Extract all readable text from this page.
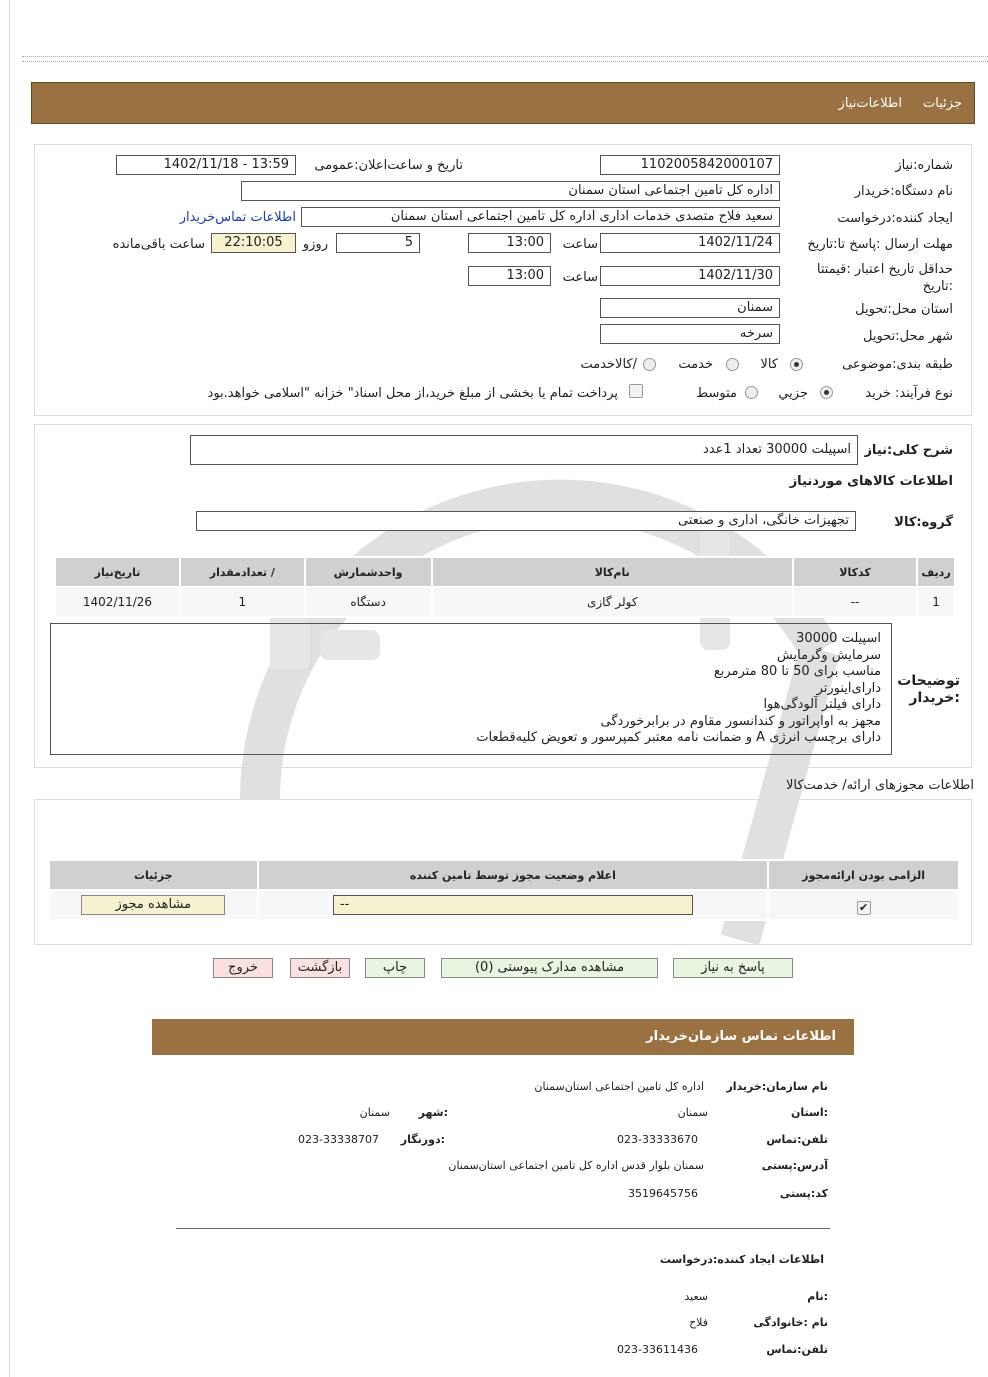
جزئیات
اطلاعات‌نیاز
شماره:نیاز
1102005842000107
تاریخ و ساعت‌اعلان:عمومی
1402/11/18 - 13:59
نام دستگاه:خریدار
اداره کل تامین اجتماعی استان سمنان
ایجاد کننده:درخواست
سعید فلاح متصدی خدمات اداری اداره کل تامین اجتماعی استان سمنان
اطلاعات تماس‌خریدار
مهلت ارسال :پاسخ تا:تاریخ
1402/11/24
ساعت
13:00
5
روزو
22:10:05
ساعت باقی‌مانده
حداقل تاریخ اعتبار :قیمتتا :تاریخ
1402/11/30
ساعت
13:00
استان محل:تحویل
سمنان
شهر محل:تحویل
سرخه
طبقه بندی:موضوعی
کالا
خدمت
/کالاخدمت
نوع فرآیند: خرید
جزیي
متوسط
پرداخت تمام یا بخشی از مبلغ خرید،از محل اسناد" خزانه "اسلامی خواهد.بود
شرح کلی:نیاز
اسپیلت 30000 تعداد 1عدد
اطلاعات کالاهای موردنیاز
گروه:کالا
تجهیزات خانگی، اداری و صنعتی
ردیف	کدکالا	نام‌کالا	واحدشمارش	/ تعدادمقدار	تاریخ‌نیاز
1	--	کولر گازی	دستگاه	1	1402/11/26
توضیحات :خریدار
اسپیلت 30000
سرمایش وگرمایش
مناسب برای 50 تا 80 مترمربع
دارای‌اینورتر
دارای فیلتر آلودگی‌هوا
مجهز به اواپراتور و کندانسور مقاوم در برابرخوردگی
دارای برچسب انرژی A و ضمانت نامه معتبر کمپرسور و تعویض کلیه‌قطعات
اطلاعات مجوزهای ارائه/ خدمت‌کالا
الزامی بودن ارائه‌مجوز	اعلام وضعیت مجوز توسط تامین کننده	جزئیات
✔	--	مشاهده مجوز
پاسخ به نیاز
مشاهده مدارک پیوستی (0)
چاپ
بازگشت
خروج
اطلاعات تماس سازمان‌خریدار
نام سازمان:خریدار
اداره کل تامین اجتماعی استان‌سمنان
:استان
سمنان
:شهر
سمنان
تلفن:تماس
023-33333670
:دورنگار
023-33338707
آدرس:پستی
سمنان بلوار قدس اداره کل تامین اجتماعی استان‌سمنان
کد:پستی
3519645756
اطلاعات ایجاد کننده:درخواست
:نام
سعید
نام :خانوادگی
فلاح
تلفن:تماس
023-33611436
